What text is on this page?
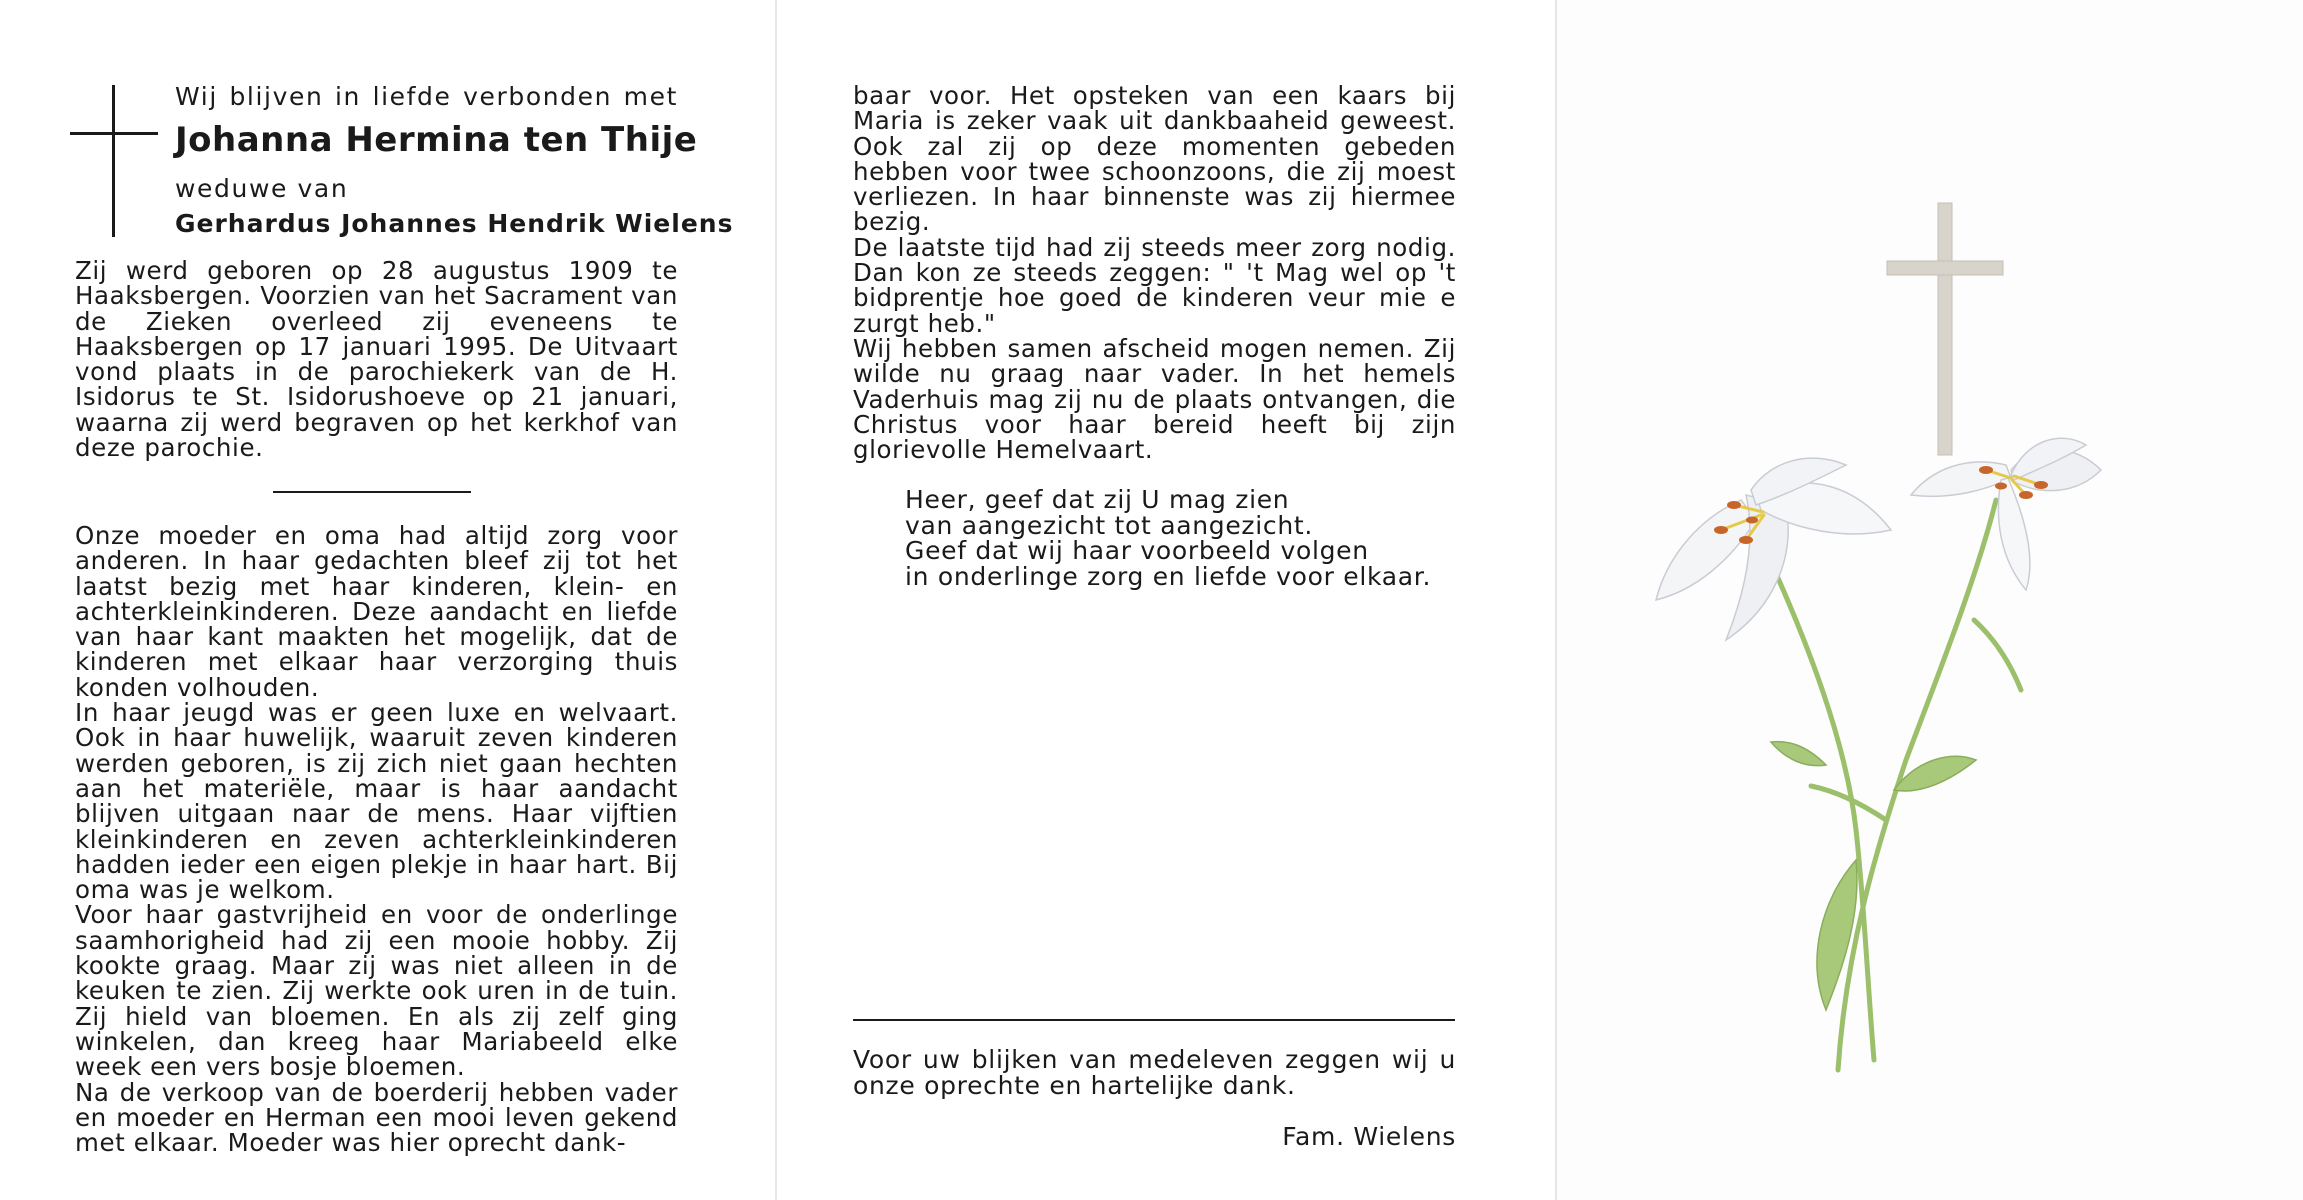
Wij blijven in liefde verbonden met
Johanna Hermina ten Thije
weduwe van
Gerhardus Johannes Hendrik Wielens

Zij werd geboren op 28 augustus 1909 te Haaksbergen. Voorzien van het Sacrament van de Zieken overleed zij eveneens te Haaksbergen op 17 januari 1995. De Uitvaart vond plaats in de parochiekerk van de H. Isidorus te St. Isidorushoeve op 21 januari, waarna zij werd begraven op het kerkhof van deze parochie.

Onze moeder en oma had altijd zorg voor anderen. In haar gedachten bleef zij tot het laatst bezig met haar kinderen, klein- en achterkleinkinderen. Deze aandacht en liefde van haar kant maakten het mogelijk, dat de kinderen met elkaar haar verzorging thuis konden volhouden.

In haar jeugd was er geen luxe en welvaart. Ook in haar huwelijk, waaruit zeven kinderen werden geboren, is zij zich niet gaan hechten aan het materiële, maar is haar aandacht blijven uitgaan naar de mens. Haar vijftien kleinkinderen en zeven achterkleinkinderen hadden ieder een eigen plekje in haar hart. Bij oma was je welkom.

Voor haar gastvrijheid en voor de onderlinge saamhorigheid had zij een mooie hobby. Zij kookte graag. Maar zij was niet alleen in de keuken te zien. Zij werkte ook uren in de tuin. Zij hield van bloemen. En als zij zelf ging winkelen, dan kreeg haar Mariabeeld elke week een vers bosje bloemen.

Na de verkoop van de boerderij hebben vader en moeder en Herman een mooi leven gekend met elkaar. Moeder was hier oprecht dank-

baar voor. Het opsteken van een kaars bij Maria is zeker vaak uit dankbaaheid geweest. Ook zal zij op deze momenten gebeden hebben voor twee schoonzoons, die zij moest verliezen. In haar binnenste was zij hiermee bezig.

De laatste tijd had zij steeds meer zorg nodig. Dan kon ze steeds zeggen: " 't Mag wel op 't bidprentje hoe goed de kinderen veur mie e zurgt heb."

Wij hebben samen afscheid mogen nemen. Zij wilde nu graag naar vader. In het hemels Vaderhuis mag zij nu de plaats ontvangen, die Christus voor haar bereid heeft bij zijn glorievolle Hemelvaart.

Heer, geef dat zij U mag zien
van aangezicht tot aangezicht.
Geef dat wij haar voorbeeld volgen
in onderlinge zorg en liefde voor elkaar.
Voor uw blijken van medeleven zeggen wij u onze oprechte en hartelijke dank.
Fam. Wielens
